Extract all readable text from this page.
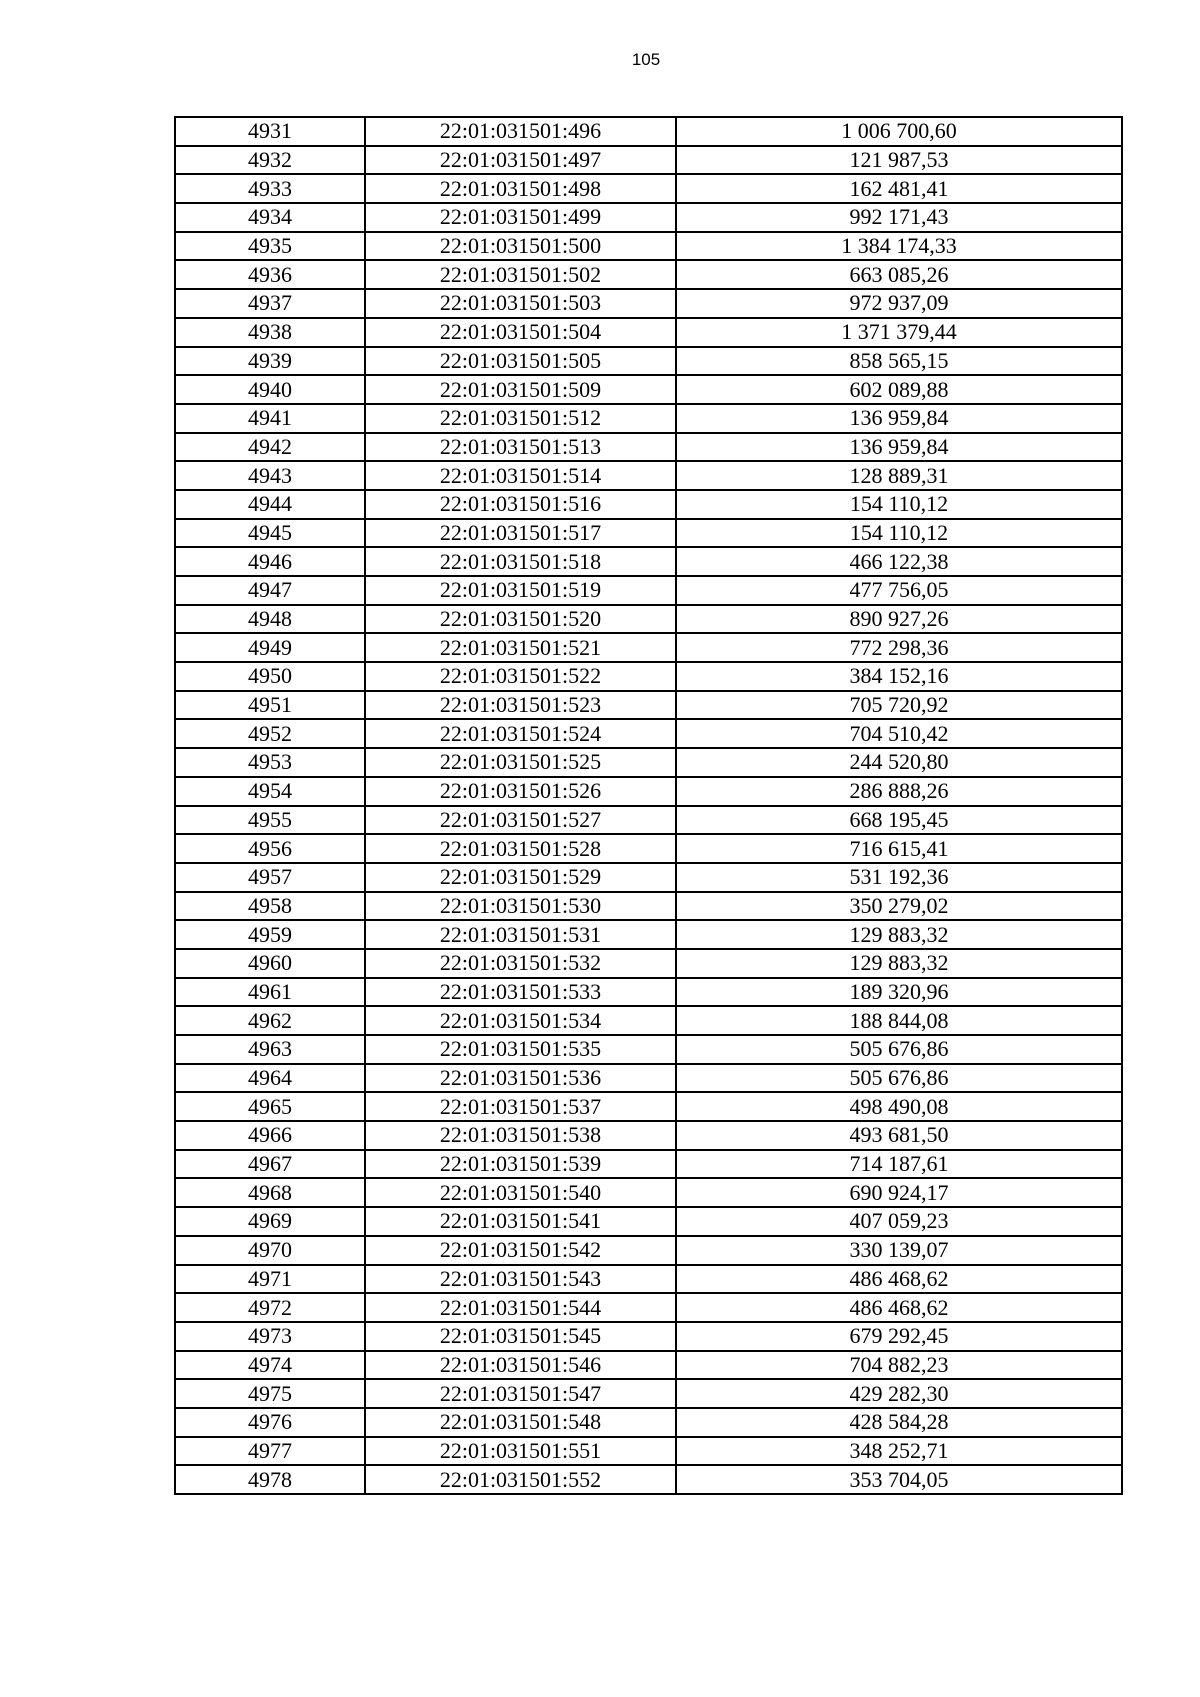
105
4931	22:01:031501:496	1 006 700,60
4932	22:01:031501:497	121 987,53
4933	22:01:031501:498	162 481,41
4934	22:01:031501:499	992 171,43
4935	22:01:031501:500	1 384 174,33
4936	22:01:031501:502	663 085,26
4937	22:01:031501:503	972 937,09
4938	22:01:031501:504	1 371 379,44
4939	22:01:031501:505	858 565,15
4940	22:01:031501:509	602 089,88
4941	22:01:031501:512	136 959,84
4942	22:01:031501:513	136 959,84
4943	22:01:031501:514	128 889,31
4944	22:01:031501:516	154 110,12
4945	22:01:031501:517	154 110,12
4946	22:01:031501:518	466 122,38
4947	22:01:031501:519	477 756,05
4948	22:01:031501:520	890 927,26
4949	22:01:031501:521	772 298,36
4950	22:01:031501:522	384 152,16
4951	22:01:031501:523	705 720,92
4952	22:01:031501:524	704 510,42
4953	22:01:031501:525	244 520,80
4954	22:01:031501:526	286 888,26
4955	22:01:031501:527	668 195,45
4956	22:01:031501:528	716 615,41
4957	22:01:031501:529	531 192,36
4958	22:01:031501:530	350 279,02
4959	22:01:031501:531	129 883,32
4960	22:01:031501:532	129 883,32
4961	22:01:031501:533	189 320,96
4962	22:01:031501:534	188 844,08
4963	22:01:031501:535	505 676,86
4964	22:01:031501:536	505 676,86
4965	22:01:031501:537	498 490,08
4966	22:01:031501:538	493 681,50
4967	22:01:031501:539	714 187,61
4968	22:01:031501:540	690 924,17
4969	22:01:031501:541	407 059,23
4970	22:01:031501:542	330 139,07
4971	22:01:031501:543	486 468,62
4972	22:01:031501:544	486 468,62
4973	22:01:031501:545	679 292,45
4974	22:01:031501:546	704 882,23
4975	22:01:031501:547	429 282,30
4976	22:01:031501:548	428 584,28
4977	22:01:031501:551	348 252,71
4978	22:01:031501:552	353 704,05
